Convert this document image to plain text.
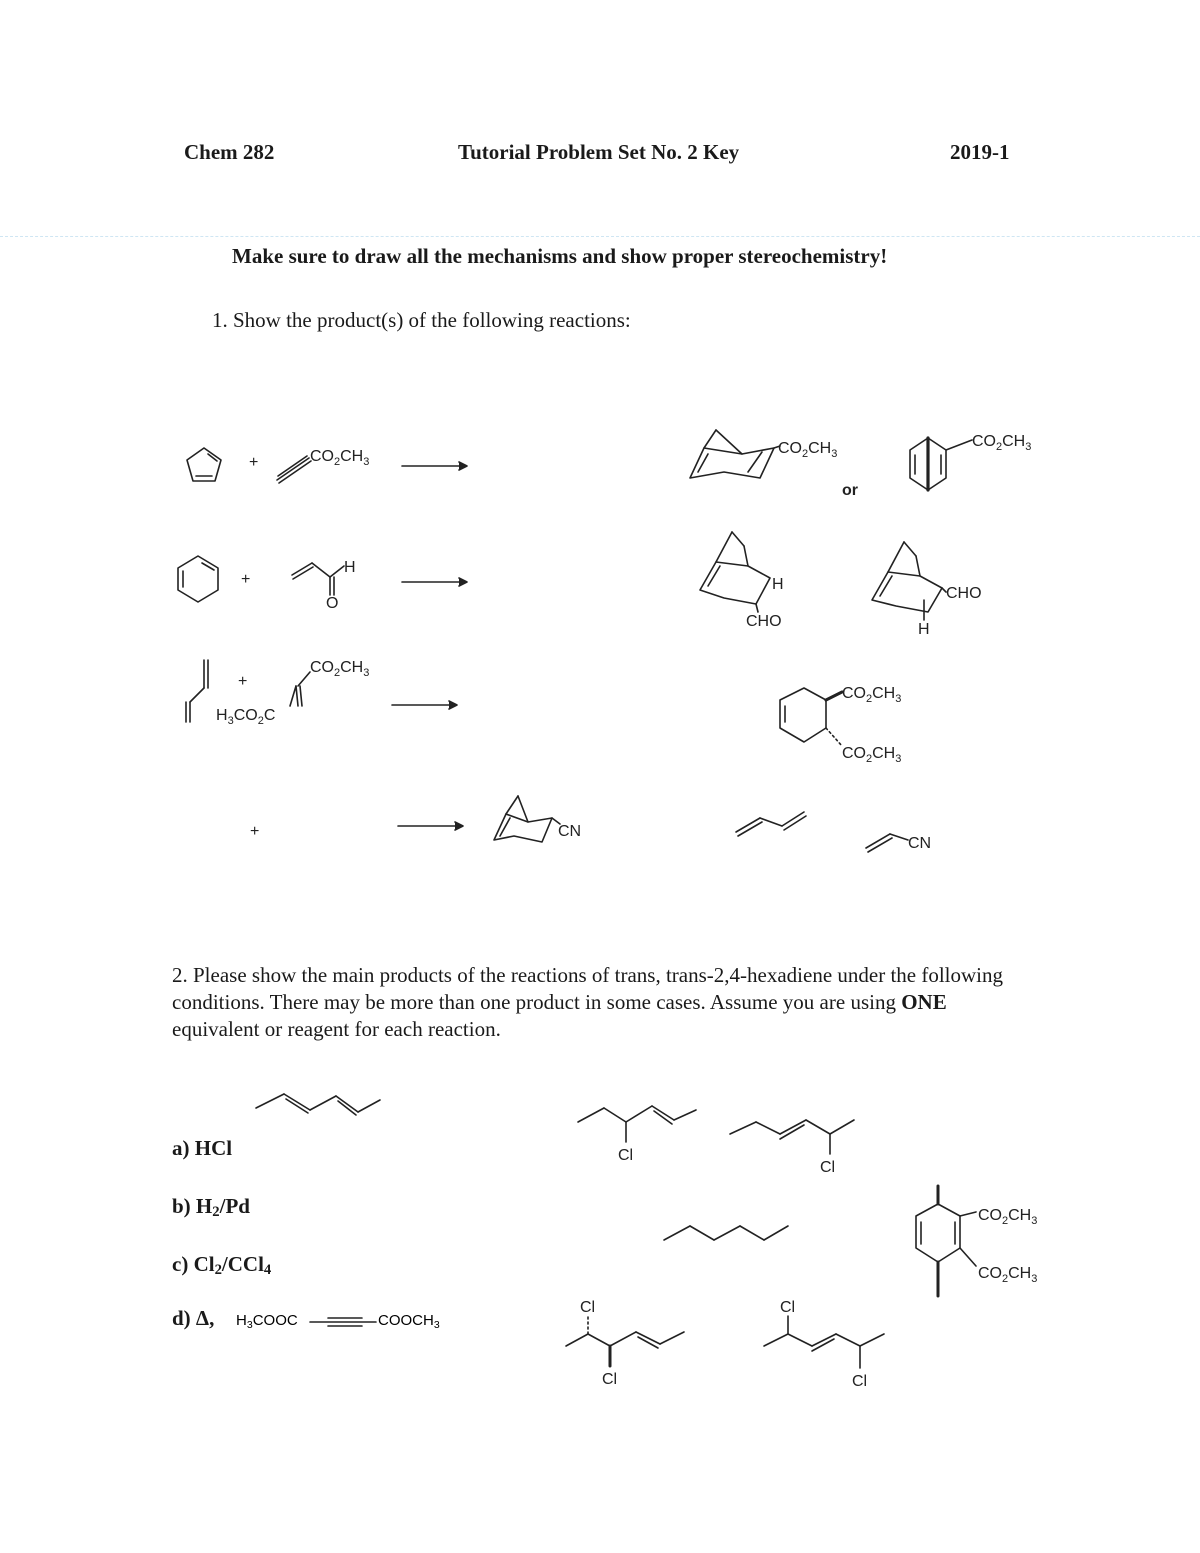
Chem 282	Tutorial Problem Set No. 2 Key	2019-1
Make sure to draw all the mechanisms and show proper stereochemistry!
1. Show the product(s) of the following reactions:
2. Please show the main products of the reactions of trans, trans-2,4-hexadiene under the following conditions. There may be more than one product in some cases. Assume you are using ONE equivalent or reagent for each reaction.
a) HCl
b) $H_2/Pd$
c) $Cl_2/CCl_4$
d) Δ, $H_3COOC$	$COOCH_3$
+	$CO_2CH_3$
$CO_2CH_3$
or
$CO_2CH_3$
+
H
O
H
CHO
CHO
H
+
$CO_2CH_3$
$H_3CO_2C$
$CO_2CH_3$
$CO_2CH_3$
+	CN
CN
Cl
Cl
$CO_2CH_3$
$CO_2CH_3$
Cl
Cl
Cl
Cl
